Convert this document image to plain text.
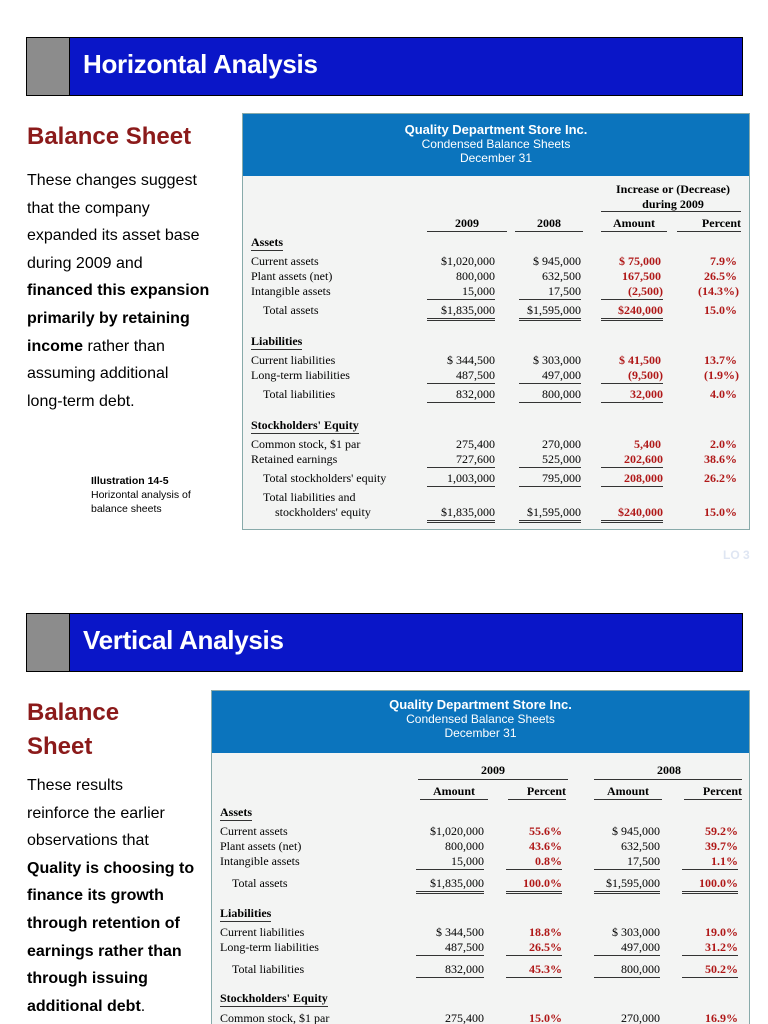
Horizontal Analysis
Balance Sheet
These changes suggest
that the company
expanded its asset base
during 2009 and
financed this expansion
primarily by retaining
income rather than
assuming additional
long-term debt.
Illustration 14-5
Horizontal analysis of
balance sheets
LO 3
Quality Department Store Inc.
Condensed Balance Sheets
December 31
Increase or (Decrease)
during 2009
2009	2008	Amount	Percent
Assets
Current assets	$1,020,000	$ 945,000	$ 75,000	7.9%
Plant assets (net)	800,000	632,500	167,500	26.5%
Intangible assets	15,000	17,500	(2,500)	(14.3%)
Total assets	$1,835,000	$1,595,000	$240,000	15.0%
Liabilities
Current liabilities	$ 344,500	$ 303,000	$ 41,500	13.7%
Long-term liabilities	487,500	497,000	(9,500)	(1.9%)
Total liabilities	832,000	800,000	32,000	4.0%
Stockholders' Equity
Common stock, $1 par	275,400	270,000	5,400	2.0%
Retained earnings	727,600	525,000	202,600	38.6%
Total stockholders' equity	1,003,000	795,000	208,000	26.2%
Total liabilities and
stockholders' equity	$1,835,000	$1,595,000	$240,000	15.0%
Vertical Analysis
Balance
Sheet
These results
reinforce the earlier
observations that
Quality is choosing to
finance its growth
through retention of
earnings rather than
through issuing
additional debt.
Quality Department Store Inc.
Condensed Balance Sheets
December 31
2009	2008
Amount	Percent	Amount	Percent
Assets
Current assets	$1,020,000	55.6%	$ 945,000	59.2%
Plant assets (net)	800,000	43.6%	632,500	39.7%
Intangible assets	15,000	0.8%	17,500	1.1%
Total assets	$1,835,000	100.0%	$1,595,000	100.0%
Liabilities
Current liabilities	$ 344,500	18.8%	$ 303,000	19.0%
Long-term liabilities	487,500	26.5%	497,000	31.2%
Total liabilities	832,000	45.3%	800,000	50.2%
Stockholders' Equity
Common stock, $1 par	275,400	15.0%	270,000	16.9%
